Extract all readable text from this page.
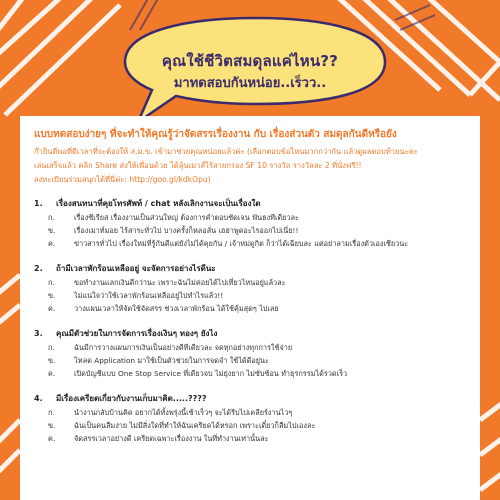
คุณใช้ชีวิตสมดุลแค่ไหน??
มาทดสอบกันหน่อย..เร็วว..
แบบทดสอบง่ายๆ ที่จะทำให้คุณรู้ว่าจัดสรรเรื่องงาน กับ เรื่องส่วนตัว สมดุลกันดีหรือยัง
ก๊ายินดีพอที่ดีเวลาที่จะต้องให้ ส.ม.ข. เข้ามาช่วยคุณหน่อยแล้วค่ะ (เลือกตอบข้อไหนมากกว่ากัน แล้วดูผลตอบท้ายนะคะ
เล่นเสร็จแล้ว คลิก Share ส่งให้เพื่อนด้วย ได้ลุ้นเมาส์ไร้สายกรอง SF 10 รางวัล รางวัลละ 2 ที่นั่งฟรี!!
ลงทะเบียนร่วมสนุกได้ที่นี่ค่ะ: http://goo.gl/kdkOpu)
1.	เรื่องสนทนาที่คุยโทรศัพท์ / chat หลังเลิกงานจะเป็นเรื่องใด
ก.	เรื่องซีเรียส เรื่องงานเป็นส่วนใหญ่ ต้องการคำตอบชัดเจน ฟันธงทีเดียวละ
ข.	เรื่องเมาท์มอย ไร้สาระทั่วไป บางครั้งก็หลอลั่น เฮฮาพูดอะไรออกไปเนี่ย!!
ค.	ข่าวสารทั่วไป เรื่องใหม่ที่รู้กันดีแต่ยังไม่ได้คุยกัน / เจ้าหม่ดูกิต ก็ว่าได้เฉียบละ แต่อย่าลามเรื่องตัวเองเชียวนะ
2.	ถ้ามีเวลาพักร้อนเหลืออยู่ จะจัดการอย่างไรดีนะ
ก.	ขอทำงานแลกเงินดีกว่านะ เพราะฉันไม่ค่อยได้ไปเที่ยวไหนอยู่แล้วละ
ข.	ไม่แน่ใจว่าใช้เวลาพักร้อนเหลืออยู่ไปทำไรแล้ว!!
ค.	วางแผนเวลาให้จัดใช้จัดสรร ช่วงเวลาพักร้อน ได้ใช้คุ้มสุดๆ ไปเลย
3.	คุณมีตัวช่วยในการจัดการเรื่องเงินๆ ทองๆ ยังไง
ก.	ฉันมีการวางแผนการเงินเป็นอย่างดีทีเดียวละ จดทุกอย่างทุกการใช้จ่าย
ข.	โหลด Application มาใช้เป็นตัวช่วยในการจดจำ ใช้ได้ดีอยู่นะ
ค.	เปิดบัญชีแบบ One Stop Service ที่เดียวจบ ไม่ยุ่งยาก ไม่ซับซ้อน ทำธุรกรรมได้รวดเร็ว
4.	มีเรื่องเครียดเกี่ยวกับงานเก็บมาคิด.....????
ก.	นำงานกลับบ้านคิด อยากได้ทั้งพรุ่งนี้เช้าเร็วๆ จะได้รีบไปเคลียร์งานไวๆ
ข.	ฉันเป็นคนลืมง่าย ไม่มีสิ่งใดที่ทำให้ฉันเครียดได้หรอก เพราะเดี๋ยวก็ลืมไปเองละ
ค.	จัดสรรเวลาอย่างดี เครียดเฉพาะเรื่องงาน ในที่ทำงานเท่านั้นละ
